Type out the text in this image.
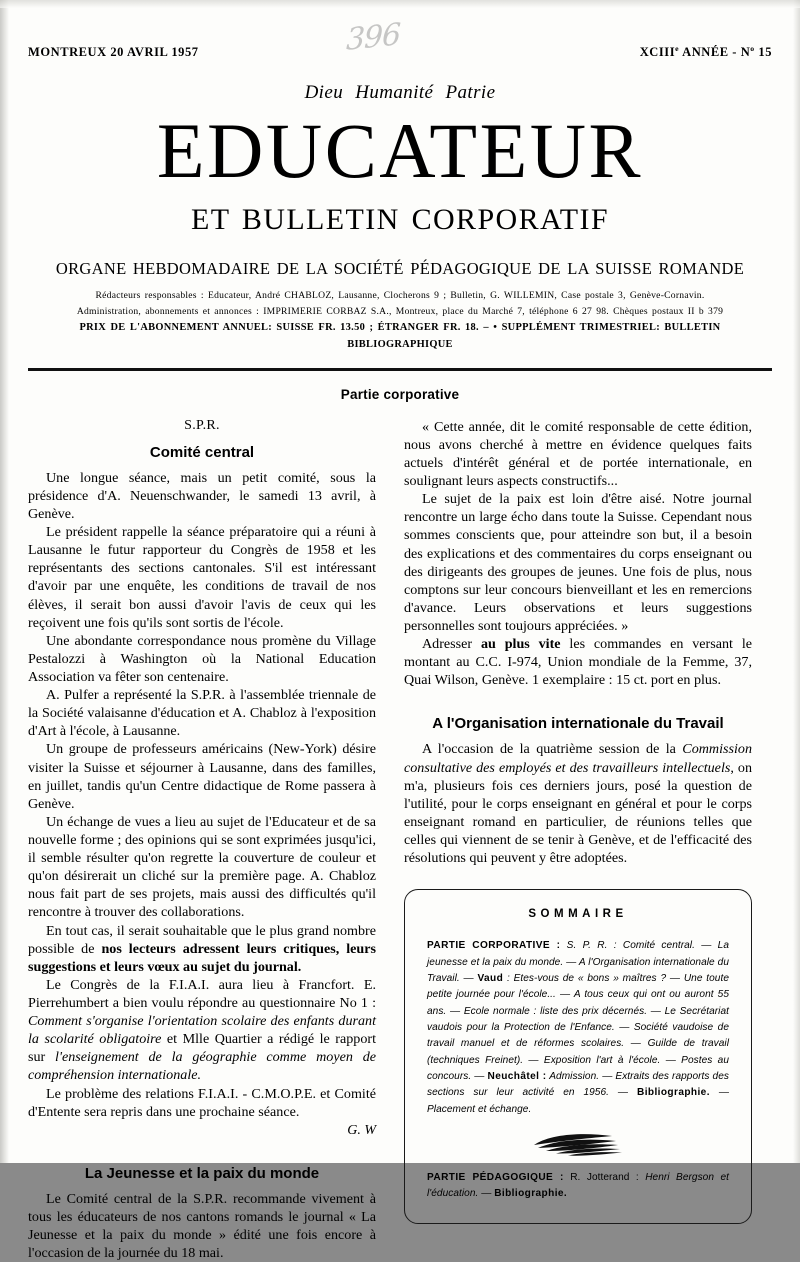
MONTREUX 20 AVRIL 1957	396	XCIIIe ANNÉE - $N^o$ 15
Dieu Humanité Patrie
EDUCATEUR
ET BULLETIN CORPORATIF
ORGANE HEBDOMADAIRE DE LA SOCIÉTÉ PÉDAGOGIQUE DE LA SUISSE ROMANDE
Rédacteurs responsables : Educateur, André CHABLOZ, Lausanne, Clocherons 9 ; Bulletin, G. WILLEMIN, Case postale 3, Genève-Cornavin.
Administration, abonnements et annonces : IMPRIMERIE CORBAZ S.A., Montreux, place du Marché 7, téléphone 6 27 98. Chèques postaux II b 379
PRIX DE L'ABONNEMENT ANNUEL: SUISSE FR. 13.50 ; ÉTRANGER FR. 18. – • SUPPLÉMENT TRIMESTRIEL: BULLETIN BIBLIOGRAPHIQUE
Partie corporative
S.P.R.
Comité central

Une longue séance, mais un petit comité, sous la présidence d'A. Neuenschwander, le samedi 13 avril, à Genève.

Le président rappelle la séance préparatoire qui a réuni à Lausanne le futur rapporteur du Congrès de 1958 et les représentants des sections cantonales. S'il est intéressant d'avoir par une enquête, les conditions de travail de nos élèves, il serait bon aussi d'avoir l'avis de ceux qui les reçoivent une fois qu'ils sont sortis de l'école.

Une abondante correspondance nous promène du Village Pestalozzi à Washington où la National Education Association va fêter son centenaire.

A. Pulfer a représenté la S.P.R. à l'assemblée triennale de la Société valaisanne d'éducation et A. Chabloz à l'exposition d'Art à l'école, à Lausanne.

Un groupe de professeurs américains (New-York) désire visiter la Suisse et séjourner à Lausanne, dans des familles, en juillet, tandis qu'un Centre didactique de Rome passera à Genève.

Un échange de vues a lieu au sujet de l'Educateur et de sa nouvelle forme ; des opinions qui se sont exprimées jusqu'ici, il semble résulter qu'on regrette la couverture de couleur et qu'on désirerait un cliché sur la première page. A. Chabloz nous fait part de ses projets, mais aussi des difficultés qu'il rencontre à trouver des collaborations.

En tout cas, il serait souhaitable que le plus grand nombre possible de nos lecteurs adressent leurs critiques, leurs suggestions et leurs vœux au sujet du journal.

Le Congrès de la F.I.A.I. aura lieu à Francfort. E. Pierrehumbert a bien voulu répondre au questionnaire No 1 : Comment s'organise l'orientation scolaire des enfants durant la scolarité obligatoire et Mlle Quartier a rédigé le rapport sur l'enseignement de la géographie comme moyen de compréhension internationale.

Le problème des relations F.I.A.I. - C.M.O.P.E. et Comité d'Entente sera repris dans une prochaine séance.

G. W
La Jeunesse et la paix du monde

Le Comité central de la S.P.R. recommande vivement à tous les éducateurs de nos cantons romands le journal « La Jeunesse et la paix du monde » édité une fois encore à l'occasion de la journée du 18 mai.

« Cette année, dit le comité responsable de cette édition, nous avons cherché à mettre en évidence quelques faits actuels d'intérêt général et de portée internationale, en soulignant leurs aspects constructifs...

Le sujet de la paix est loin d'être aisé. Notre journal rencontre un large écho dans toute la Suisse. Cependant nous sommes conscients que, pour atteindre son but, il a besoin des explications et des commentaires du corps enseignant ou des dirigeants des groupes de jeunes. Une fois de plus, nous comptons sur leur concours bienveillant et les en remercions d'avance. Leurs observations et leurs suggestions personnelles sont toujours appréciées. »

Adresser au plus vite les commandes en versant le montant au C.C. I-974, Union mondiale de la Femme, 37, Quai Wilson, Genève. 1 exemplaire : 15 ct. port en plus.

A l'Organisation internationale du Travail

A l'occasion de la quatrième session de la Commission consultative des employés et des travailleurs intellectuels, on m'a, plusieurs fois ces derniers jours, posé la question de l'utilité, pour le corps enseignant en général et pour le corps enseignant romand en particulier, de réunions telles que celles qui viennent de se tenir à Genève, et de l'efficacité des résolutions qui peuvent y être adoptées.

SOMMAIRE
PARTIE CORPORATIVE : S. P. R. : Comité central. — La jeunesse et la paix du monde. — A l'Organisation internationale du Travail. — Vaud : Etes-vous de « bons » maîtres ? — Une toute petite journée pour l'école... — A tous ceux qui ont ou auront 55 ans. — Ecole normale : liste des prix décernés. — Le Secrétariat vaudois pour la Protection de l'Enfance. — Société vaudoise de travail manuel et de réformes scolaires. — Guilde de travail (techniques Freinet). — Exposition l'art à l'école. — Postes au concours. — Neuchâtel : Admission. — Extraits des rapports des sections sur leur activité en 1956. — Bibliographie. — Placement et échange.
PARTIE PÉDAGOGIQUE : R. Jotterand : Henri Bergson et l'éducation. — Bibliographie.
